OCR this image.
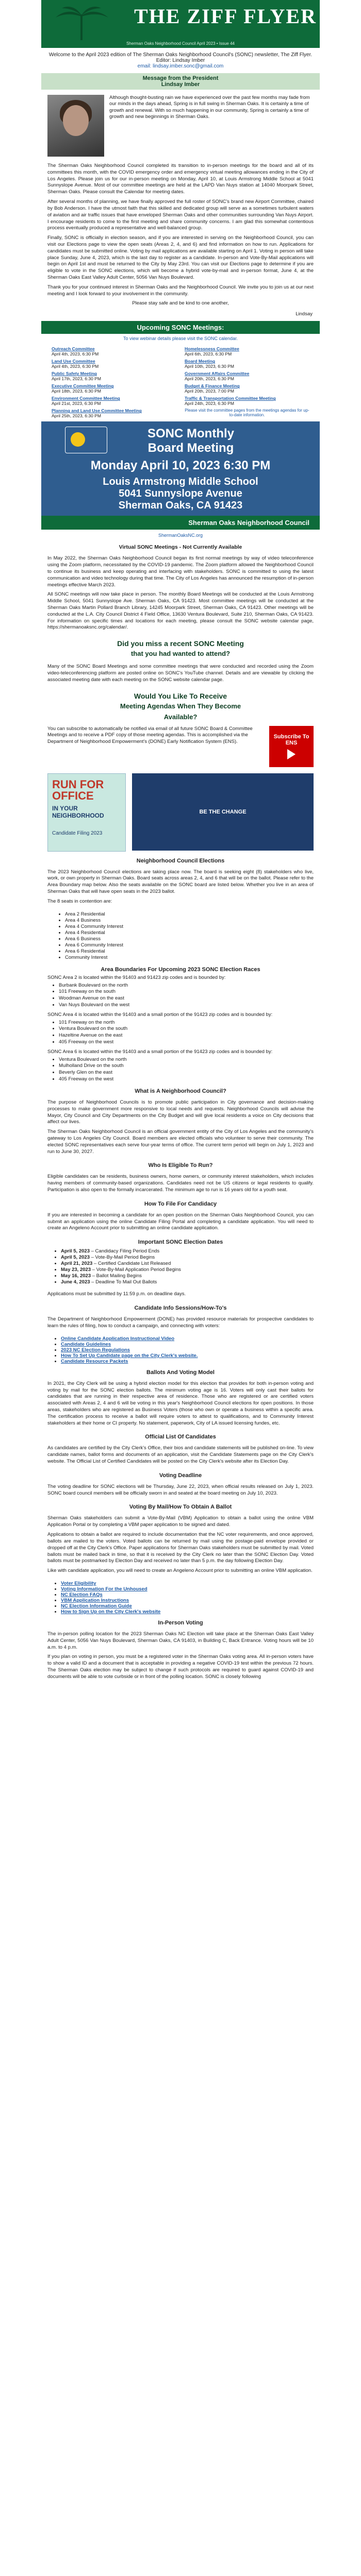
THE ZIFF FLYER
Sherman Oaks Neighborhood Council April 2023 • Issue 44
Welcome to the April 2023 edition of The Sherman Oaks Neighborhood Council's (SONC) newsletter, The Ziff Flyer.
Editor: Lindsay Imber
email: lindsay.imber.sonc@gmail.com
Message from the President
Lindsay Imber
Although thought-busting rain we have experienced over the past few months may fade from our minds in the days ahead, Spring is in full swing in Sherman Oaks. It is certainly a time of growth and renewal. With so much happening in our community, Spring is certainly a time of growth and new beginnings in Sherman Oaks.

The Sherman Oaks Neighborhood Council completed its transition to in-person meetings for the board and all of its committees this month, with the COVID emergency order and emergency virtual meeting allowances ending in the City of Los Angeles. Please join us for our in-person meeting on Monday, April 10, at Louis Armstrong Middle School at 5041 Sunnyslope Avenue. Most of our committee meetings are held at the LAPD Van Nuys station at 14040 Moorpark Street, Sherman Oaks. Please consult the Calendar for meeting dates.

After several months of planning, we have finally approved the full roster of SONC's brand new Airport Committee, chaired by Bob Anderson. I have the utmost faith that this skilled and dedicated group will serve as a sometimes turbulent waters of aviation and air traffic issues that have enveloped Sherman Oaks and other communities surrounding Van Nuys Airport. I encourage residents to come to the first meeting and share community concerns. I am glad this somewhat contentious process eventually produced a representative and well-balanced group.

Finally, SONC is officially in election season, and if you are interested in serving on the Neighborhood Council, you can visit our Elections page to view the open seats (Areas 2, 4, and 6) and find information on how to run. Applications for candidates must be submitted online. Voting by mail applications are available starting on April 1. Voting in person will take place Sunday, June 4, 2023, which is the last day to register as a candidate. In-person and Vote-By-Mail applications will begin on April 1st and must be returned to the City by May 23rd. You can visit our Elections page to determine if you are eligible to vote in the SONC elections, which will become a hybrid vote-by-mail and in-person format, June 4, at the Sherman Oaks East Valley Adult Center, 5056 Van Nuys Boulevard.

Thank you for your continued interest in Sherman Oaks and the Neighborhood Council. We invite you to join us at our next meeting and I look forward to your involvement in the community.

Please stay safe and be kind to one another,

Lindsay
Upcoming SONC Meetings:
To view webinar details please visit the SONC calendar.
Outreach Committee
April 4th, 2023, 6:30 PM
Homelessness Committee
April 6th, 2023, 6:30 PM
Land Use Committee
April 4th, 2023, 6:30 PM
Board Meeting
April 10th, 2023, 6:30 PM
Public Safety Meeting
April 17th, 2023, 6:30 PM
Government Affairs Committee
April 20th, 2023, 6:30 PM
Executive Committee Meeting
April 18th, 2023, 6:30 PM
Budget & Finance Meeting
April 20th, 2023, 7:00 PM
Environment Committee Meeting
April 21st, 2023, 6:30 PM
Traffic & Transportation Committee Meeting
April 24th, 2023, 6:30 PM
Planning and Land Use Committee Meeting
April 25th, 2023, 6:30 PM
Please visit the committee pages from the meetings agendas for up-to-date information.
SONC Monthly
Board Meeting
Monday April 10, 2023 6:30 PM
Louis Armstrong Middle School
5041 Sunnyslope Avenue
Sherman Oaks, CA 91423
Sherman Oaks Neighborhood Council
ShermanOaksNC.org
Virtual SONC Meetings - Not Currently Available

In May 2022, the Sherman Oaks Neighborhood Council began its first normal meetings by way of video teleconference using the Zoom platform, necessitated by the COVID-19 pandemic. The Zoom platform allowed the Neighborhood Council to continue its business and keep operating and interfacing with stakeholders. SONC is committed to using the latest communication and video technology during that time. The City of Los Angeles has announced the resumption of in-person meetings effective March 2023.

All SONC meetings will now take place in person. The monthly Board Meetings will be conducted at the Louis Armstrong Middle School, 5041 Sunnyslope Ave. Sherman Oaks, CA 91423. Most committee meetings will be conducted at the Sherman Oaks Martin Pollard Branch Library, 14245 Moorpark Street, Sherman Oaks, CA 91423. Other meetings will be conducted at the L.A. City Council District 4 Field Office, 13630 Ventura Boulevard, Suite 210, Sherman Oaks, CA 91423. For information on specific times and locations for each meeting, please consult the SONC website calendar page, https://shermanoaksnc.org/calendar/.

Did you miss a recent SONC Meeting
that you had wanted to attend?

Many of the SONC Board Meetings and some committee meetings that were conducted and recorded using the Zoom video-teleconferencing platform are posted online on SONC's YouTube channel. Details and are viewable by clicking the associated meeting date with each meeting on the SONC website calendar page.

Would You Like To Receive
Meeting Agendas When They Become
Available?
You can subscribe to automatically be notified via email of all future SONC Board & Committee Meetings and to receive a PDF copy of those meeting agendas. This is accomplished via the Department of Neighborhood Empowerment's (DONE) Early Notification System (ENS).
Subscribe To ENS
RUN FOR OFFICE
IN YOUR NEIGHBORHOOD
Candidate Filing 2023
BE THE CHANGE
Neighborhood Council Elections

The 2023 Neighborhood Council elections are taking place now. The board is seeking eight (8) stakeholders who live, work, or own property in Sherman Oaks. Board seats across areas 2, 4, and 6 that will be on the ballot. Please refer to the Area Boundary map below. Also the seats available on the SONC board are listed below. Whether you live in an area of Sherman Oaks that will have open seats in the 2023 ballot.

The 8 seats in contention are:

• Area 2 Residential
• Area 4 Business
• Area 4 Community Interest
• Area 4 Residential
• Area 6 Business
• Area 6 Community Interest
• Area 6 Residential
• Community Interest
Area Boundaries For Upcoming 2023 SONC Election Races
SONC Area 2 is located within the 91403 and 91423 zip codes and is bounded by:
• Burbank Boulevard on the north
• 101 Freeway on the south
• Woodman Avenue on the east
• Van Nuys Boulevard on the west
SONC Area 4 is located within the 91403 and a small portion of the 91423 zip codes and is bounded by:
• 101 Freeway on the north
• Ventura Boulevard on the south
• Hazeltine Avenue on the east
• 405 Freeway on the west
SONC Area 6 is located within the 91403 and a small portion of the 91423 zip codes and is bounded by:
• Ventura Boulevard on the north
• Mulholland Drive on the south
• Beverly Glen on the east
• 405 Freeway on the west
What is A Neighborhood Council?

The purpose of Neighborhood Councils is to promote public participation in City governance and decision-making processes to make government more responsive to local needs and requests. Neighborhood Councils will advise the Mayor, City Council and City Departments on the City Budget and will give local residents a voice on City decisions that affect our lives.

The Sherman Oaks Neighborhood Council is an official government entity of the City of Los Angeles and the community's gateway to Los Angeles City Council. Board members are elected officials who volunteer to serve their community. The elected SONC representatives each serve four-year terms of office. The current term period will begin on July 1, 2023 and run to June 30, 2027.

Who Is Eligible To Run?

Eligible candidates can be residents, business owners, home owners, or community interest stakeholders, which includes having members of community-based organizations. Candidates need not be US citizens or legal residents to qualify. Participation is also open to the formally incarcerated. The minimum age to run is 16 years old for a youth seat.

How To File For Candidacy

If you are interested in becoming a candidate for an open position on the Sherman Oaks Neighborhood Council, you can submit an application using the online Candidate Filing Portal and completing a candidate application. You will need to create an Angeleno Account prior to submitting an online candidate application.

Important SONC Election Dates
• April 5, 2023 – Candidacy Filing Period Ends
• April 5, 2023 – Vote-By-Mail Period Begins
• April 21, 2023 – Certified Candidate List Released
• May 23, 2023 – Vote-By-Mail Application Period Begins
• May 16, 2023 – Ballot Mailing Begins
• June 4, 2023 – Deadline To Mail Out Ballots

Applications must be submitted by 11:59 p.m. on deadline days.

Candidate Info Sessions/How-To's

The Department of Neighborhood Empowerment (DONE) has provided resource materials for prospective candidates to learn the rules of filing, how to conduct a campaign, and connecting with voters:

• Online Candidate Application Instructional Video
• Candidate Guidelines
• 2023 NC Election Regulations
• How To Set Up Candidate page on the City Clerk's website.
• Candidate Resource Packets
Ballots And Voting Model

In 2021, the City Clerk will be using a hybrid election model for this election that provides for both in-person voting and voting by mail for the SONC election ballots. The minimum voting age is 16. Voters will only cast their ballots for candidates that are running in their respective area of residence. Those who are registered or are certified voters associated with Areas 2, 4 and 6 will be voting in this year's Neighborhood Council elections for open positions. In those areas, stakeholders who are registered as Business Voters (those who own or operate a business within a specific area. The certification process to receive a ballot will require voters to attest to qualifications, and to Community Interest stakeholders at their home or CI property. No statement, paperwork, City of LA issued licensing fundes, etc.

Official List Of Candidates

As candidates are certified by the City Clerk's Office, their bios and candidate statements will be published on-line. To view candidate names, ballot forms and documents of an application, visit the Candidate Statements page on the City Clerk's website. The Official List of Certified Candidates will be posted on the City Clerk's website after its Election Day.

Voting Deadline

The voting deadline for SONC elections will be Thursday, June 22, 2023, when official results released on July 1, 2023. SONC board council members will be officially sworn in and seated at the board meeting on July 10, 2023.

Voting By Mail/How To Obtain A Ballot

Sherman Oaks stakeholders can submit a Vote-By-Mail (VBM) Application to obtain a ballot using the online VBM Application Portal or by completing a VBM paper application to be signed and dated.

Applications to obtain a ballot are required to include documentation that the NC voter requirements, and once approved, ballots are mailed to the voters. Voted ballots can be returned by mail using the postage-paid envelope provided or dropped off at the City Clerk's Office. Paper applications for Sherman Oaks stakeholders must be submitted by mail. Voted ballots must be mailed back in time, so that it is received by the City Clerk no later than the SONC Election Day. Voted ballots must be postmarked by Election Day and received no later than 5 p.m. the day following Election Day.

Like with candidate application, you will need to create an Angeleno Account prior to submitting an online VBM application.

• Voter Eligibility
• Voting Information For the Unhoused
• NC Election FAQs
• VBM Application Instructions
• NC Election Information Guide
• How to Sign Up on the City Clerk's website
In-Person Voting

The in-person polling location for the 2023 Sherman Oaks NC Election will take place at the Sherman Oaks East Valley Adult Center, 5056 Van Nuys Boulevard, Sherman Oaks, CA 91403, in Building C, Back Entrance. Voting hours will be 10 a.m. to 4 p.m.

If you plan on voting in person, you must be a registered voter in the Sherman Oaks voting area. All in-person voters have to show a valid ID and a document that is acceptable in providing a negative COVID-19 test within the previous 72 hours. The Sherman Oaks election may be subject to change if such protocols are required to guard against COVID-19 and documents will be able to vote curbside or in front of the polling location. SONC is closely following
